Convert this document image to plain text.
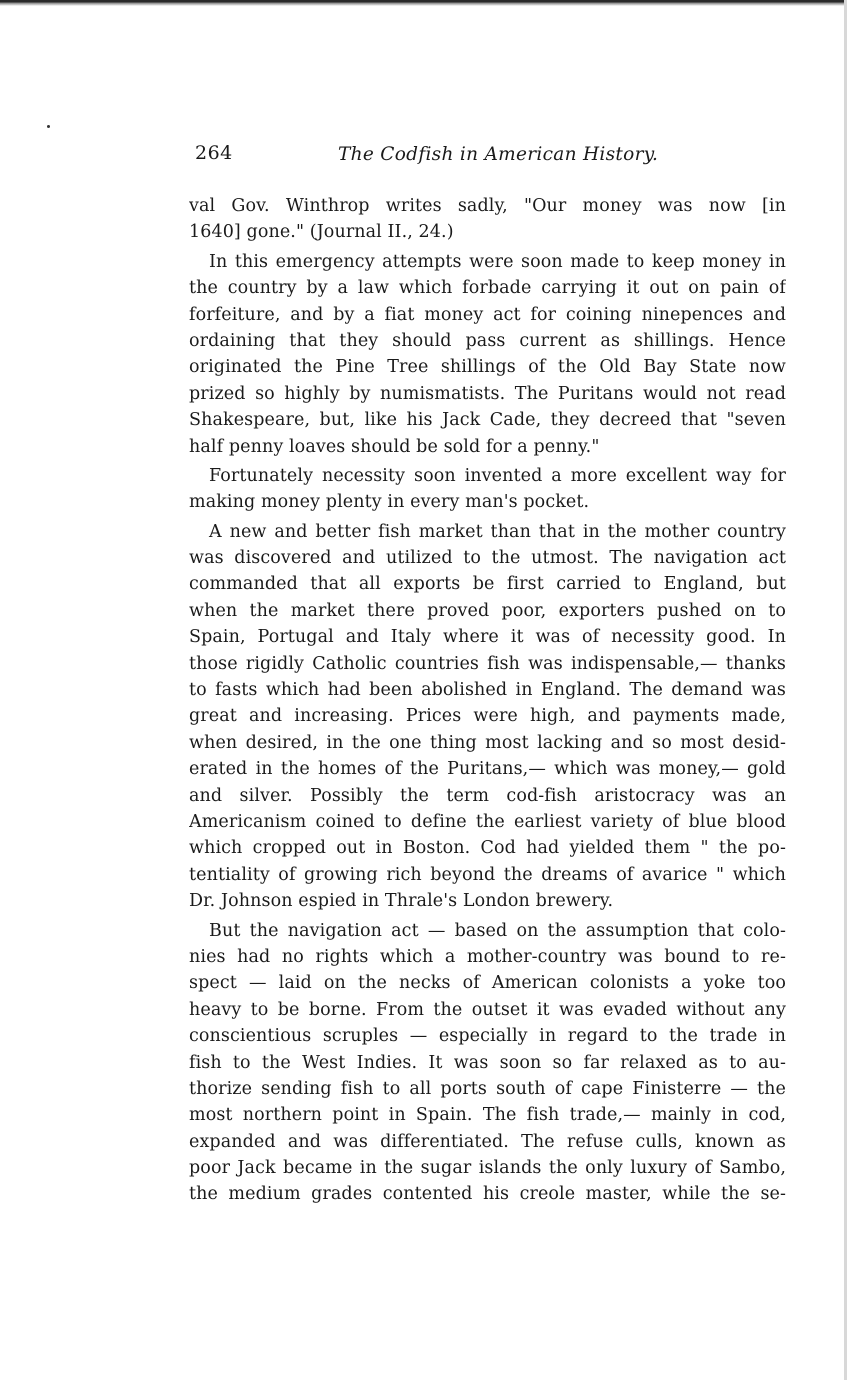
264	The Codfish in American History.
val Gov. Winthrop writes sadly, "Our money was now [in
1640] gone." (Journal II., 24.)
In this emergency attempts were soon made to keep money in
the country by a law which forbade carrying it out on pain of
forfeiture, and by a fiat money act for coining ninepences and
ordaining that they should pass current as shillings. Hence
originated the Pine Tree shillings of the Old Bay State now
prized so highly by numismatists. The Puritans would not read
Shakespeare, but, like his Jack Cade, they decreed that "seven
half penny loaves should be sold for a penny."
Fortunately necessity soon invented a more excellent way for
making money plenty in every man's pocket.
A new and better fish market than that in the mother country
was discovered and utilized to the utmost. The navigation act
commanded that all exports be first carried to England, but
when the market there proved poor, exporters pushed on to
Spain, Portugal and Italy where it was of necessity good. In
those rigidly Catholic countries fish was indispensable,— thanks
to fasts which had been abolished in England. The demand was
great and increasing. Prices were high, and payments made,
when desired, in the one thing most lacking and so most desid-
erated in the homes of the Puritans,— which was money,— gold
and silver. Possibly the term cod-fish aristocracy was an
Americanism coined to define the earliest variety of blue blood
which cropped out in Boston. Cod had yielded them " the po-
tentiality of growing rich beyond the dreams of avarice " which
Dr. Johnson espied in Thrale's London brewery.
But the navigation act — based on the assumption that colo-
nies had no rights which a mother-country was bound to re-
spect — laid on the necks of American colonists a yoke too
heavy to be borne. From the outset it was evaded without any
conscientious scruples — especially in regard to the trade in
fish to the West Indies. It was soon so far relaxed as to au-
thorize sending fish to all ports south of cape Finisterre — the
most northern point in Spain. The fish trade,— mainly in cod,
expanded and was differentiated. The refuse culls, known as
poor Jack became in the sugar islands the only luxury of Sambo,
the medium grades contented his creole master, while the se-
